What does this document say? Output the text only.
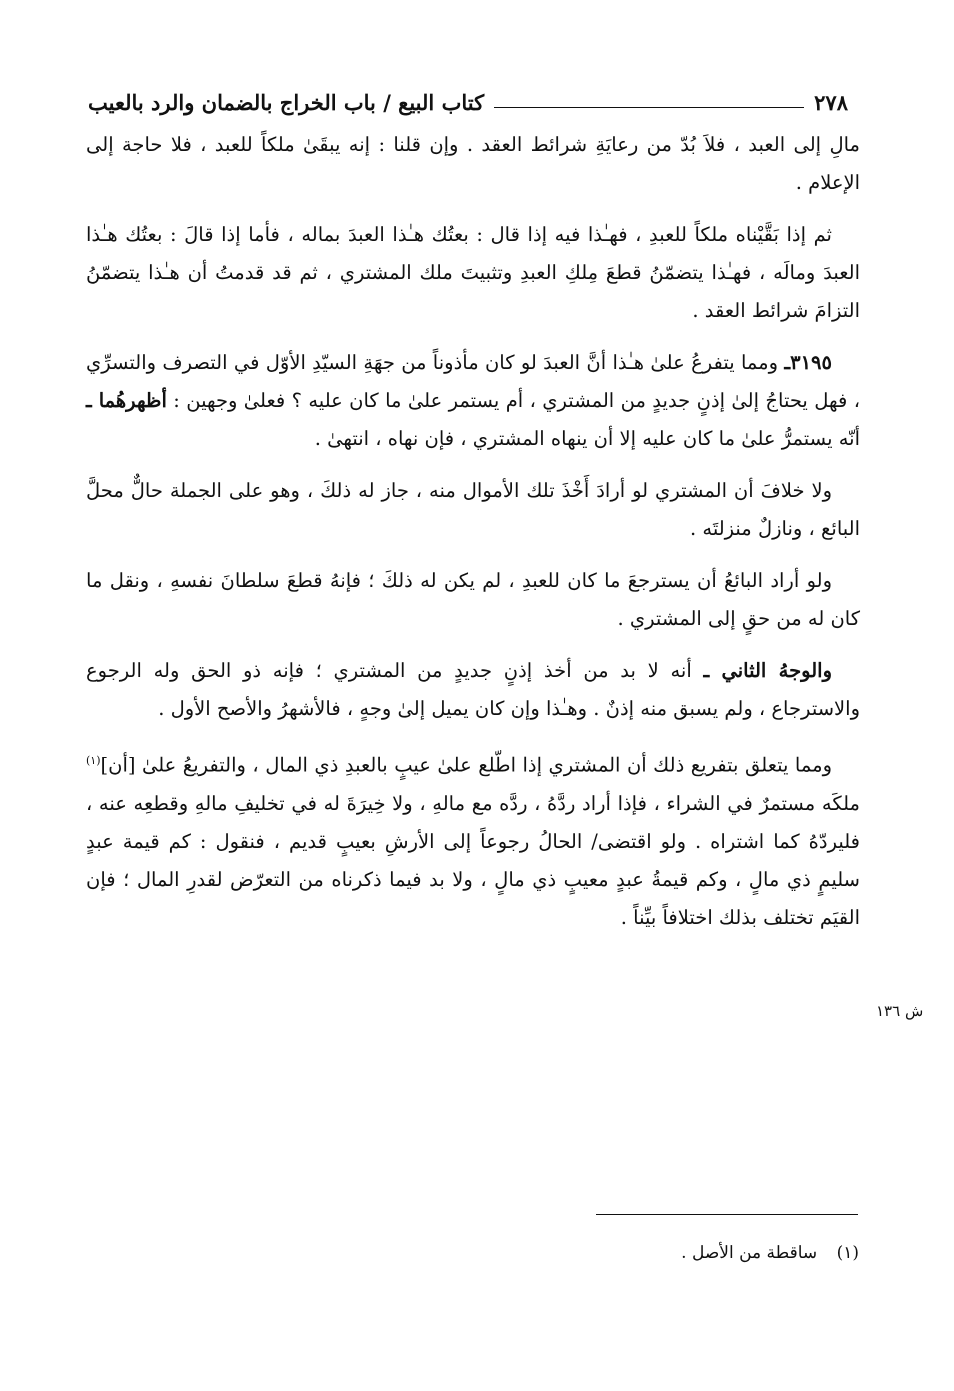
٢٧٨
كتاب البيع / باب الخراج بالضمان والرد بالعيب

مالِ إلى العبد ، فلاَ بُدّ من رعايَةِ شرائط العقد . وإن قلنا : إنه يبقَىٰ ملكاً للعبد ، فلا حاجة إلى الإعلام .

ثم إذا بَقَّيْناه ملكاً للعبدِ ، فهـٰذا فيه إذا قال : بعتُك هـٰذا العبدَ بماله ، فأما إذا قالَ : بعتُك هـٰذا العبدَ ومالَه ، فهـٰذا يتضمّنُ قطعَ مِلكِ العبدِ وتثبيتَ ملك المشتري ، ثم قد قدمتُ أن هـٰذا يتضمّنُ التزامَ شرائط العقد .

٣١٩٥ـ ومما يتفرعُ علىٰ هـٰذا أنَّ العبدَ لو كان مأذوناً من جهَةِ السيّدِ الأوّل في التصرف والتسرِّي ، فهل يحتاجُ إلىٰ إذنٍ جديدٍ من المشتري ، أم يستمر علىٰ ما كان عليه ؟ فعلىٰ وجهين : أظهرهُما ـ أنّه يستمرُّ علىٰ ما كان عليه إلا أن ينهاه المشتري ، فإن نهاه ، انتهىٰ .

ولا خلافَ أن المشتري لو أرادَ أَخْذَ تلك الأموال منه ، جاز له ذلكَ ، وهو على الجملة حالٌّ محلَّ البائع ، ونازلٌ منزلتَه .

ولو أراد البائعُ أن يسترجعَ ما كان للعبدِ ، لم يكن له ذلكَ ؛ فإنهُ قطعَ سلطانَ نفسهِ ، ونقل ما كان له من حقٍ إلى المشتري .

والوجهُ الثاني ـ أنه لا بد من أخذ إذنٍ جديدٍ من المشتري ؛ فإنه ذو الحق وله الرجوع والاسترجاع ، ولم يسبق منه إذنٌ . وهـٰذا وإن كان يميل إلىٰ وجهٍ ، فالأشهرُ والأصح الأول .

ومما يتعلق بتفريع ذلك أن المشتري إذا اطّلع علىٰ عيبٍ بالعبدِ ذي المال ، والتفريعُ علىٰ [أن]$^{(١)}$ ملكَه مستمرٌ في الشراء ، فإذا أراد ردَّهُ ، ردَّه مع مالهِ ، ولا خِيرَةَ له في تخليفِ مالهِ وقطعِه عنه ، فليردّهُ كما اشتراه . ولو اقتضى/ الحالُ رجوعاً إلى الأرشِ بعيبٍ قديم ، فنقول : كم قيمة عبدٍ سليمٍ ذي مالٍ ، وكم قيمةُ عبدٍ معيبٍ ذي مالٍ ، ولا بد فيما ذكرناه من التعرّض لقدرِ المال ؛ فإن القيَم تختلف بذلك اختلافاً بيِّناً .

ش ١٣٦
(١) ساقطة من الأصل .
